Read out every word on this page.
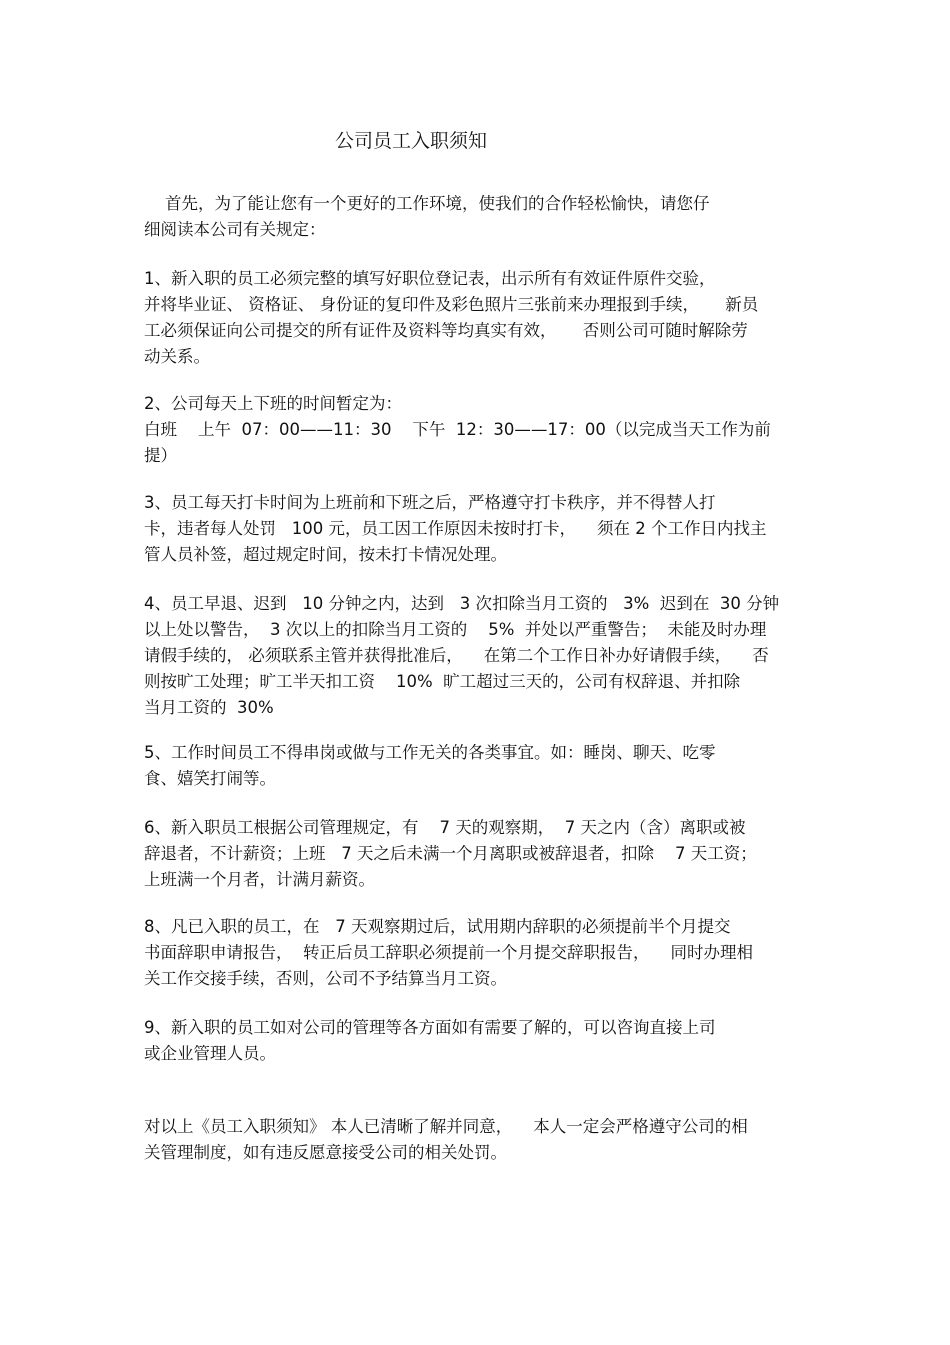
公司员工入职须知
首先，为了能让您有一个更好的工作环境，使我们的合作轻松愉快，请您仔
细阅读本公司有关规定：
1、新入职的员工必须完整的填写好职位登记表，出示所有有效证件原件交验，
并将毕业证、 资格证、 身份证的复印件及彩色照片三张前来办理报到手续，     新员
工必须保证向公司提交的所有证件及资料等均真实有效，     否则公司可随时解除劳
动关系。
2、公司每天上下班的时间暂定为：
白班    上午  07：00——11：30    下午  12：30——17：00（以完成当天工作为前
提）
3、员工每天打卡时间为上班前和下班之后，严格遵守打卡秩序，并不得替人打
卡，违者每人处罚   100 元，员工因工作原因未按时打卡，    须在 2 个工作日内找主
管人员补签，超过规定时间，按未打卡情况处理。
4、员工早退、迟到   10 分钟之内，达到   3 次扣除当月工资的   3%  迟到在  30 分钟
以上处以警告，  3 次以上的扣除当月工资的    5%  并处以严重警告；  未能及时办理
请假手续的， 必须联系主管并获得批准后，    在第二个工作日补办好请假手续，    否
则按旷工处理；旷工半天扣工资    10%  旷工超过三天的，公司有权辞退、并扣除
当月工资的  30%
5、工作时间员工不得串岗或做与工作无关的各类事宜。如：睡岗、聊天、吃零
食、嬉笑打闹等。
6、新入职员工根据公司管理规定，有    7 天的观察期，  7 天之内（含）离职或被
辞退者，不计薪资；上班   7 天之后未满一个月离职或被辞退者，扣除    7 天工资；
上班满一个月者，计满月薪资。
8、凡已入职的员工，在   7 天观察期过后，试用期内辞职的必须提前半个月提交
书面辞职申请报告，  转正后员工辞职必须提前一个月提交辞职报告，    同时办理相
关工作交接手续，否则，公司不予结算当月工资。
9、新入职的员工如对公司的管理等各方面如有需要了解的，可以咨询直接上司
或企业管理人员。
对以上《员工入职须知》 本人已清晰了解并同意，    本人一定会严格遵守公司的相
关管理制度，如有违反愿意接受公司的相关处罚。
